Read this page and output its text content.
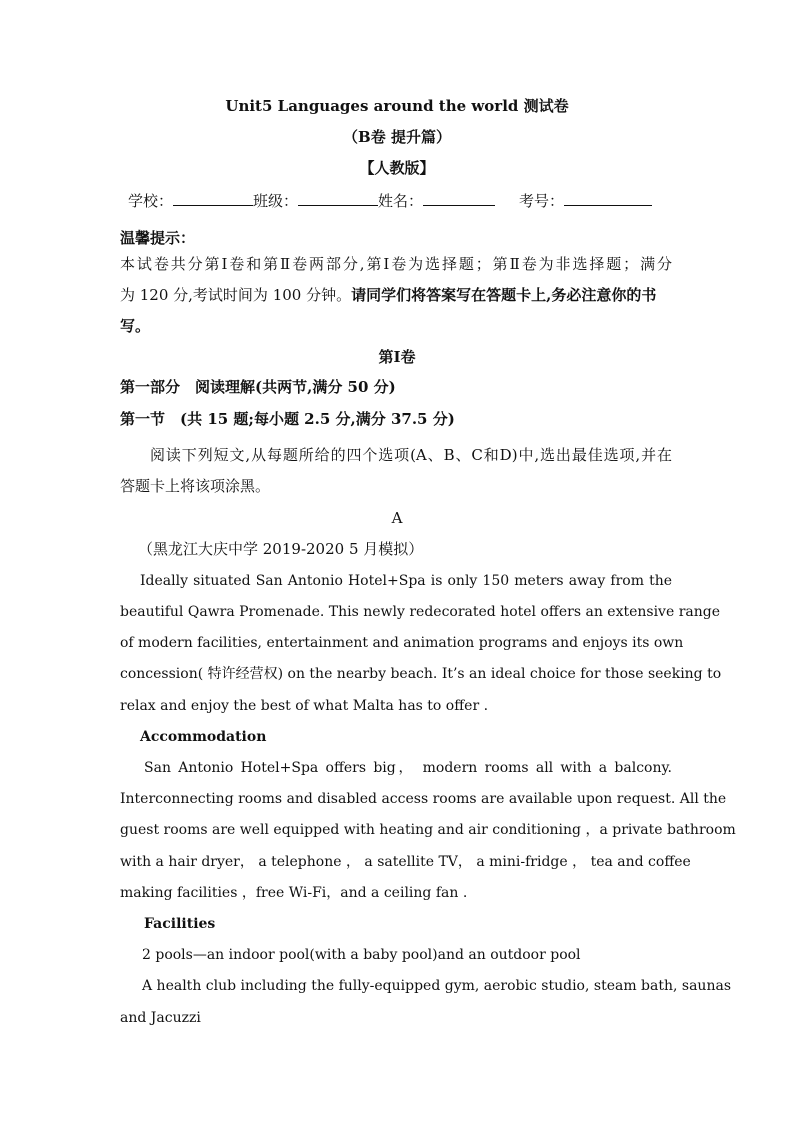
Unit5 Languages around the world 测试卷
（B卷 提升篇）
【人教版】
学校：	班级：	姓名：	考号：
温馨提示：
本试卷共分第Ⅰ卷和第Ⅱ卷两部分,第Ⅰ卷为选择题；第Ⅱ卷为非选择题；满分
为 120 分,考试时间为 100 分钟。请同学们将答案写在答题卡上,务必注意你的书
写。
第Ⅰ卷
第一部分　阅读理解(共两节,满分 50 分)
第一节　(共 15 题;每小题 2.5 分,满分 37.5 分)
阅读下列短文,从每题所给的四个选项(A、B、C和D)中,选出最佳选项,并在
答题卡上将该项涂黑。
A
（黑龙江大庆中学 2019-2020 5 月模拟）
Ideally situated San Antonio Hotel+Spa is only 150 meters away from the
beautiful Qawra Promenade. This newly redecorated hotel offers an extensive range
of modern facilities, entertainment and animation programs and enjoys its own
concession( 特许经营权) on the nearby beach. It’s an ideal choice for those seeking to
relax and enjoy the best of what Malta has to offer .
Accommodation
San Antonio Hotel+Spa offers big， modern rooms all with a balcony.
Interconnecting rooms and disabled access rooms are available upon request. All the
guest rooms are well equipped with heating and air conditioning ，a private bathroom
with a hair dryer， a telephone ， a satellite TV， a mini-fridge ， tea and coffee
making facilities ，free Wi-Fi，and a ceiling fan .
Facilities
2 pools—an indoor pool(with a baby pool)and an outdoor pool
A health club including the fully-equipped gym, aerobic studio, steam bath, saunas
and Jacuzzi
